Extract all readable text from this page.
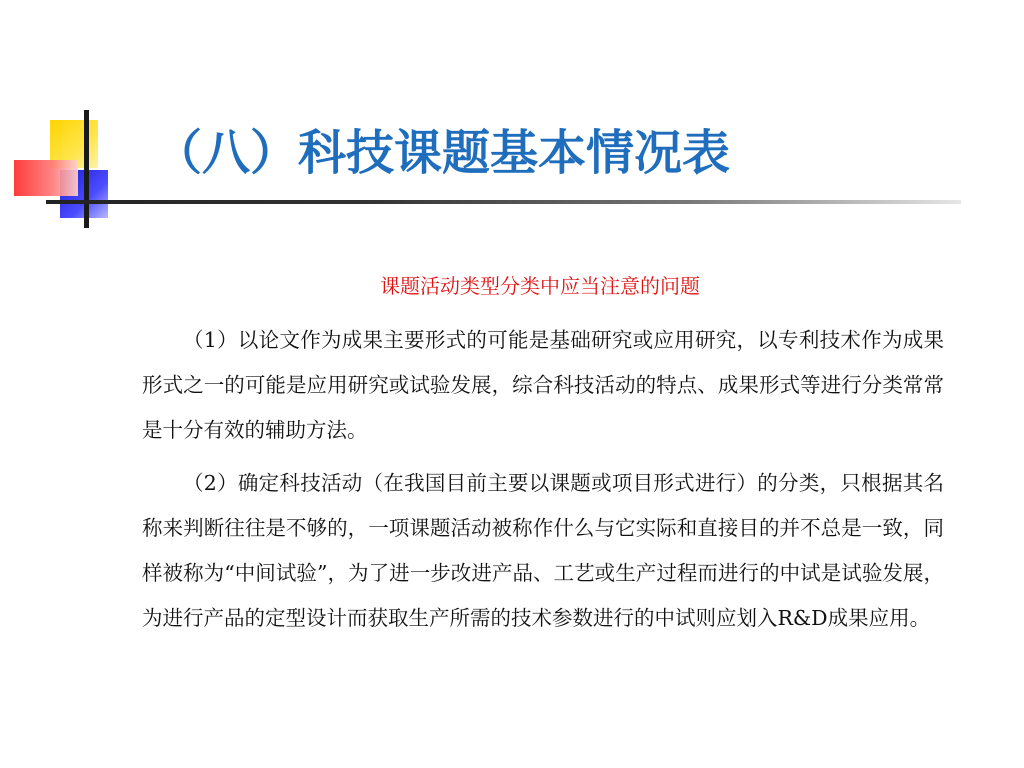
（八）科技课题基本情况表
课题活动类型分类中应当注意的问题

（1）以论文作为成果主要形式的可能是基础研究或应用研究，以专利技术作为成果形式之一的可能是应用研究或试验发展，综合科技活动的特点、成果形式等进行分类常常是十分有效的辅助方法。

（2）确定科技活动（在我国目前主要以课题或项目形式进行）的分类，只根据其名称来判断往往是不够的，一项课题活动被称作什么与它实际和直接目的并不总是一致，同样被称为“中间试验”，为了进一步改进产品、工艺或生产过程而进行的中试是试验发展，为进行产品的定型设计而获取生产所需的技术参数进行的中试则应划入R&D成果应用。
